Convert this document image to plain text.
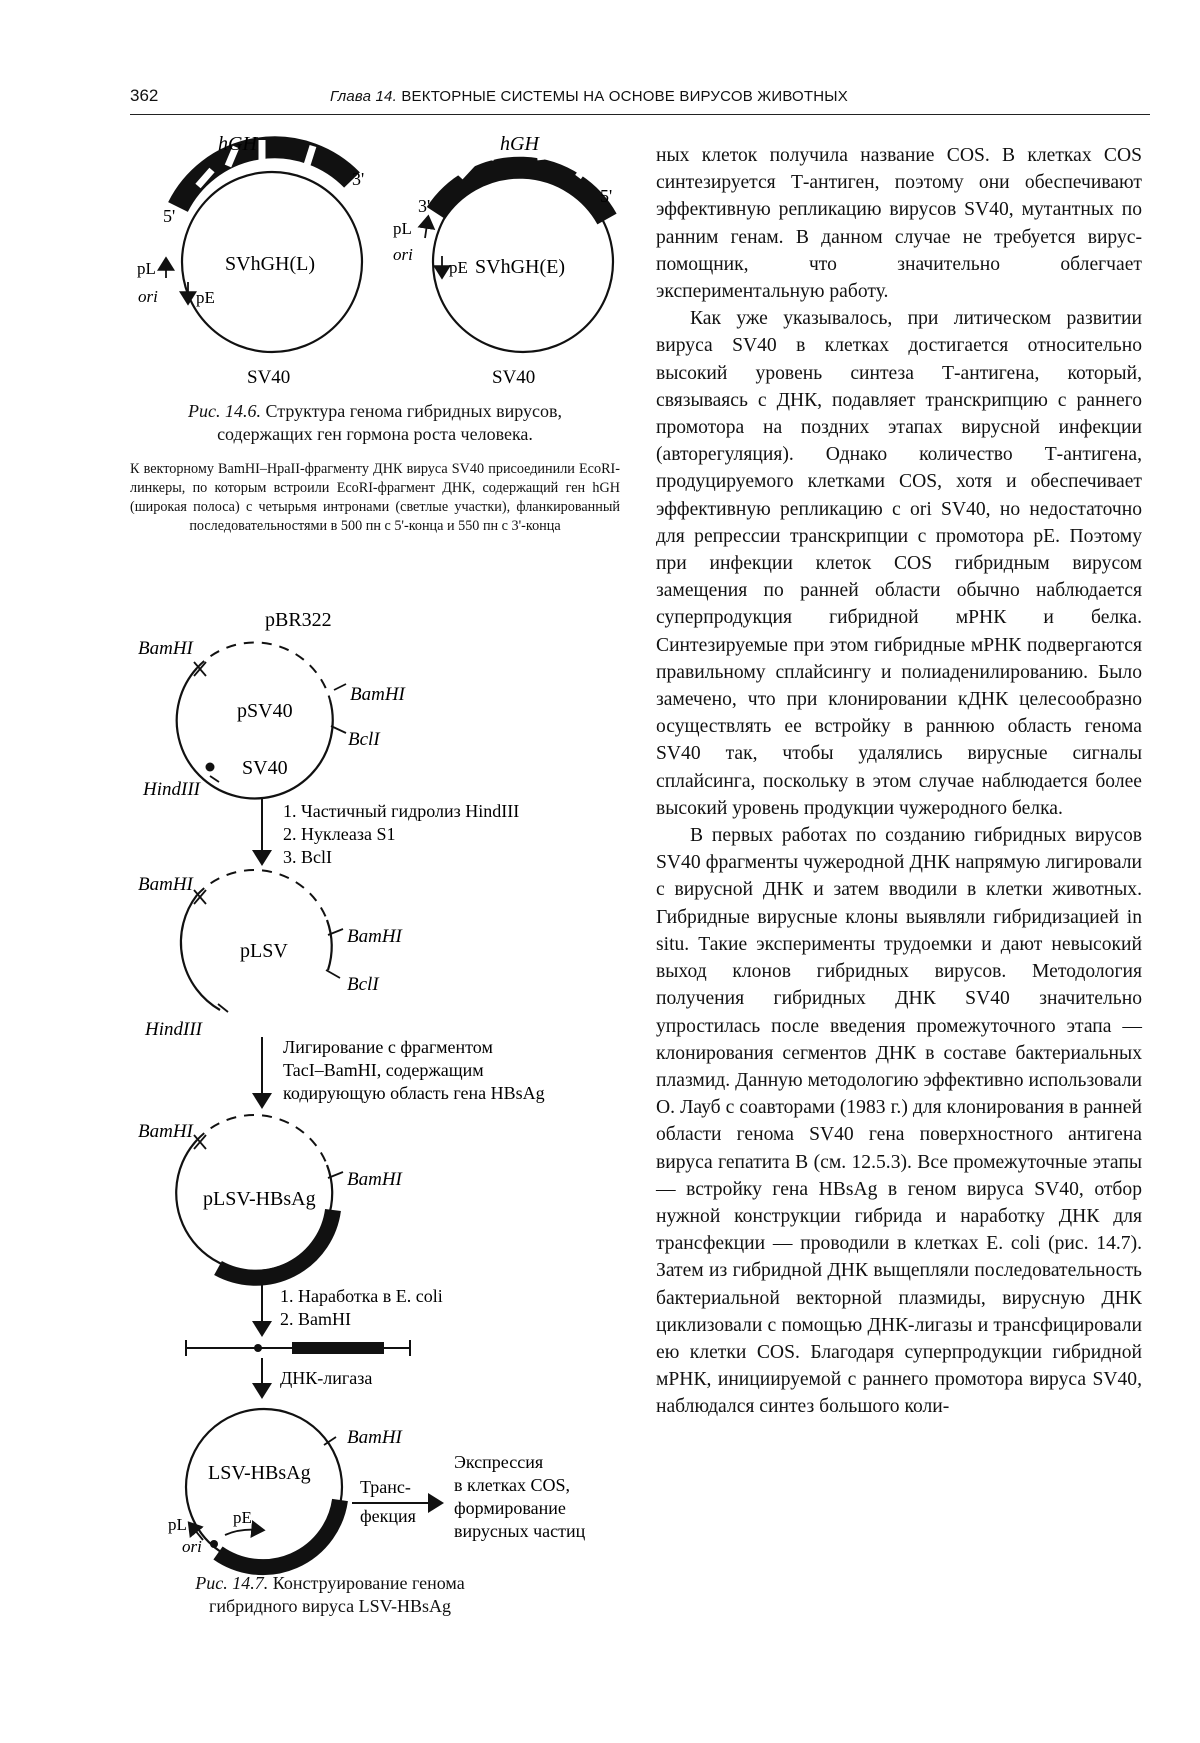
362	Глава 14. ВЕКТОРНЫЕ СИСТЕМЫ НА ОСНОВЕ ВИРУСОВ ЖИВОТНЫХ
hGH
5'
3'
SVhGH(L)
pL
ori pE
SV40
hGH
3'	5'
pL
ori
pE SVhGH(E)
SV40
pBR322
BamHI
BamHI
BclI
pSV40
SV40
HindIII
1. Частичный гидролиз HindIII
2. Нуклеаза S1
3. BclI
BamHI
BamHI
BclI
pLSV
HindIII
Лигирование с фрагментом
TacI–BamHI, содержащим
кодирующую область гена HBsAg
BamHI
BamHI
pLSV-HBsAg
1. Наработка в E. coli
2. BamHI
ДНК-лигаза
BamHI
LSV-HBsAg
pL
ori
pE
Транс-
фекция
Экспрессия
в клетках COS,
формирование
вирусных частиц
Рис. 14.6. Структура генома гибридных вирусов,
содержащих ген гормона роста человека.
К векторному BamHI–HpaII-фрагменту ДНК вируса SV40 присоединили EcoRI-линкеры, по которым встроили EcoRI-фрагмент ДНК, содержащий ген hGH (широкая полоса) с четырьмя интронами (светлые участки), фланкированный последовательностями в 500 пн с 5'-конца и 550 пн с 3'-конца
Рис. 14.7. Конструирование генома
гибридного вируса LSV-HBsAg

ных клеток получила название COS. В клетках COS синтезируется Т-антиген, поэтому они обеспечивают эффективную репликацию вирусов SV40, мутантных по ранним генам. В данном случае не требуется вирус-помощник, что значительно облегчает экспериментальную работу.

Как уже указывалось, при литическом развитии вируса SV40 в клетках достигается относительно высокий уровень синтеза Т-антигена, который, связываясь с ДНК, подавляет транскрипцию с раннего промотора на поздних этапах вирусной инфекции (авторегуляция). Однако количество Т-антигена, продуцируемого клетками COS, хотя и обеспечивает эффективную репликацию с ori SV40, но недостаточно для репрессии транскрипции с промотора pE. Поэтому при инфекции клеток COS гибридным вирусом замещения по ранней области обычно наблюдается суперпродукция гибридной мРНК и белка. Синтезируемые при этом гибридные мРНК подвергаются правильному сплайсингу и полиаденилированию. Было замечено, что при клонировании кДНК целесообразно осуществлять ее встройку в раннюю область генома SV40 так, чтобы удалялись вирусные сигналы сплайсинга, поскольку в этом случае наблюдается более высокий уровень продукции чужеродного белка.

В первых работах по созданию гибридных вирусов SV40 фрагменты чужеродной ДНК напрямую лигировали с вирусной ДНК и затем вводили в клетки животных. Гибридные вирусные клоны выявляли гибридизацией in situ. Такие эксперименты трудоемки и дают невысокий выход клонов гибридных вирусов. Методология получения гибридных ДНК SV40 значительно упростилась после введения промежуточного этапа — клонирования сегментов ДНК в составе бактериальных плазмид. Данную методологию эффективно использовали О. Лауб с соавторами (1983 г.) для клонирования в ранней области генома SV40 гена поверхностного антигена вируса гепатита В (см. 12.5.3). Все промежуточные этапы — встройку гена HBsAg в геном вируса SV40, отбор нужной конструкции гибрида и наработку ДНК для трансфекции — проводили в клетках E. coli (рис. 14.7). Затем из гибридной ДНК выщепляли последовательность бактериальной векторной плазмиды, вирусную ДНК циклизовали с помощью ДНК-лигазы и трансфицировали ею клетки COS. Благодаря суперпродукции гибридной мРНК, инициируемой с раннего промотора вируса SV40, наблюдался синтез большого коли-
